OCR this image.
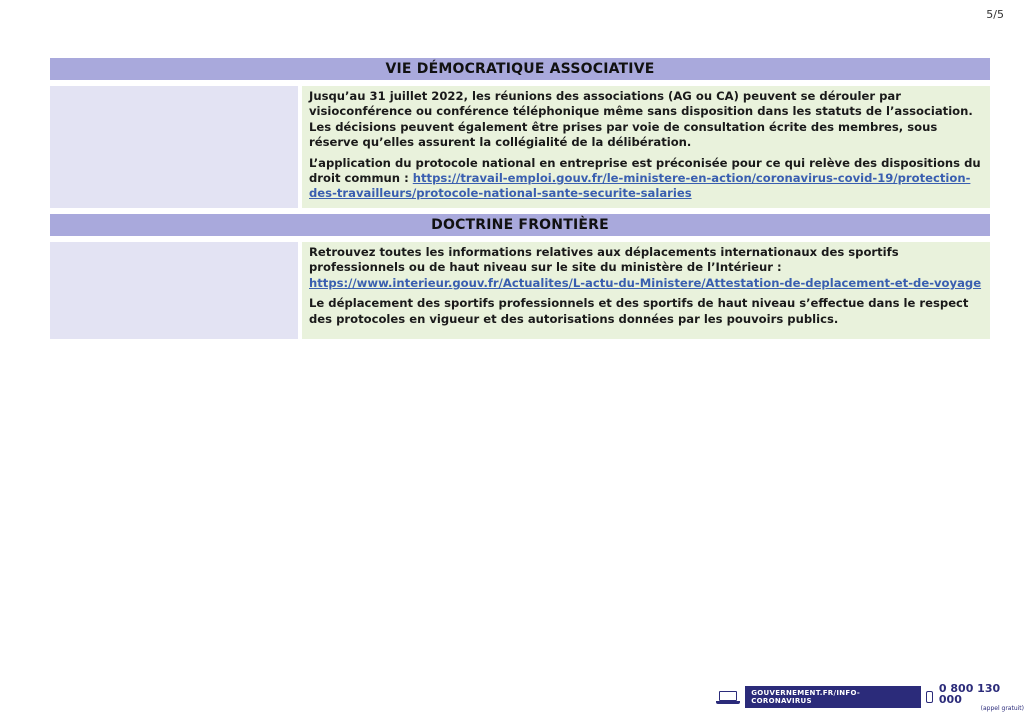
5/5
VIE DÉMOCRATIQUE ASSOCIATIVE

Jusqu’au 31 juillet 2022, les réunions des associations (AG ou CA) peuvent se dérouler par visioconférence ou conférence téléphonique même sans disposition dans les statuts de l’association. Les décisions peuvent également être prises par voie de consultation écrite des membres, sous réserve qu’elles assurent la collégialité de la délibération.

L’application du protocole national en entreprise est préconisée pour ce qui relève des dispositions du droit commun : https://travail-emploi.gouv.fr/le-ministere-en-action/coronavirus-covid-19/protection-des-travailleurs/protocole-national-sante-securite-salaries

DOCTRINE FRONTIÈRE

Retrouvez toutes les informations relatives aux déplacements internationaux des sportifs professionnels ou de haut niveau sur le site du ministère de l’Intérieur : https://www.interieur.gouv.fr/Actualites/L-actu-du-Ministere/Attestation-de-deplacement-et-de-voyage

Le déplacement des sportifs professionnels et des sportifs de haut niveau s’effectue dans le respect des protocoles en vigueur et des autorisations données par les pouvoirs publics.

GOUVERNEMENT.FR/INFO-CORONAVIRUS
0 800 130 000
(appel gratuit)
